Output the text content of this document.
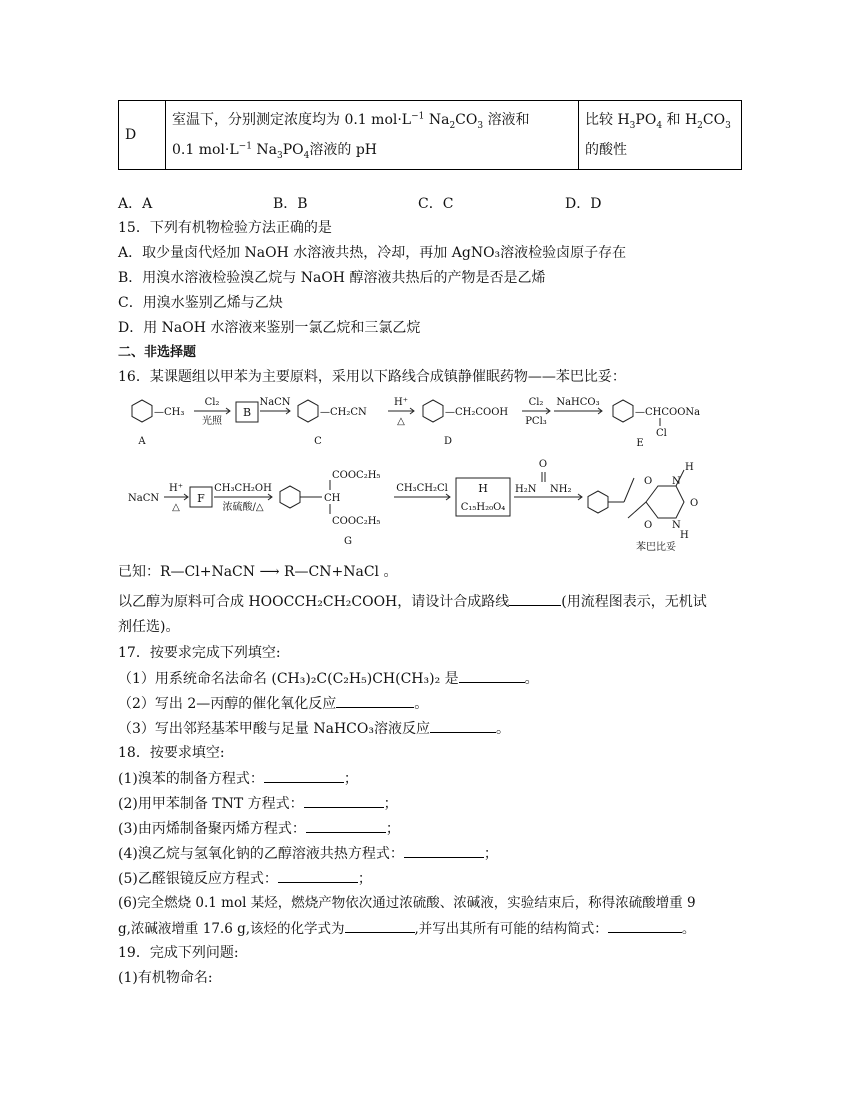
D	室温下，分别测定浓度均为 0.1 $mol\cdot L^{-1}$ $Na_2CO_3$ 溶液和
0.1 $mol\cdot L^{-1}$ $Na_3PO_4$溶液的 pH	比较 $H_3PO_4$ 和 $H_2CO_3$
的酸性
A．A	B．B	C．C	D．D
15．下列有机物检验方法正确的是
A．取少量卤代烃加 NaOH 水溶液共热，冷却，再加 AgNO₃溶液检验卤原子存在
B．用溴水溶液检验溴乙烷与 NaOH 醇溶液共热后的产物是否是乙烯
C．用溴水鉴别乙烯与乙炔
D．用 NaOH 水溶液来鉴别一氯乙烷和三氯乙烷
二、非选择题
16．某课题组以甲苯为主要原料，采用以下路线合成镇静催眠药物——苯巴比妥：
—CH₃
A
Cl₂
光照
B
NaCN
—CH₂CN
C
H⁺
△
—CH₂COOH
D
Cl₂
PCl₃
NaHCO₃
—CHCOONa
Cl
E
NaCN
H⁺
△
F
CH₃CH₂OH
浓硫酸/△
COOC₂H₅
CH
COOC₂H₅
G
CH₃CH₂Cl	H
C₁₅H₂₀O₄
O
H₂N NH₂
H
O
O
O
N
N
H
苯巴比妥
已知：R—Cl+NaCN ⟶ R—CN+NaCl 。
以乙醇为原料可合成 HOOCCH₂CH₂COOH，请设计合成路线	(用流程图表示，无机试
剂任选)。
17．按要求完成下列填空:
（1）用系统命名法命名 (CH₃)₂C(C₂H₅)CH(CH₃)₂ 是	。
（2）写出 2—丙醇的催化氧化反应	。
（3）写出邻羟基苯甲酸与足量 NaHCO₃溶液反应	。
18．按要求填空:
(1)溴苯的制备方程式：	；
(2)用甲苯制备 TNT 方程式：	；
(3)由丙烯制备聚丙烯方程式：	；
(4)溴乙烷与氢氧化钠的乙醇溶液共热方程式：	；
(5)乙醛银镜反应方程式：	；
(6)完全燃烧 0.1 mol 某烃，燃烧产物依次通过浓硫酸、浓碱液，实验结束后，称得浓硫酸增重 9
g,浓碱液增重 17.6 g,该烃的化学式为	,并写出其所有可能的结构简式：	。
19．完成下列问题:
(1)有机物命名:
